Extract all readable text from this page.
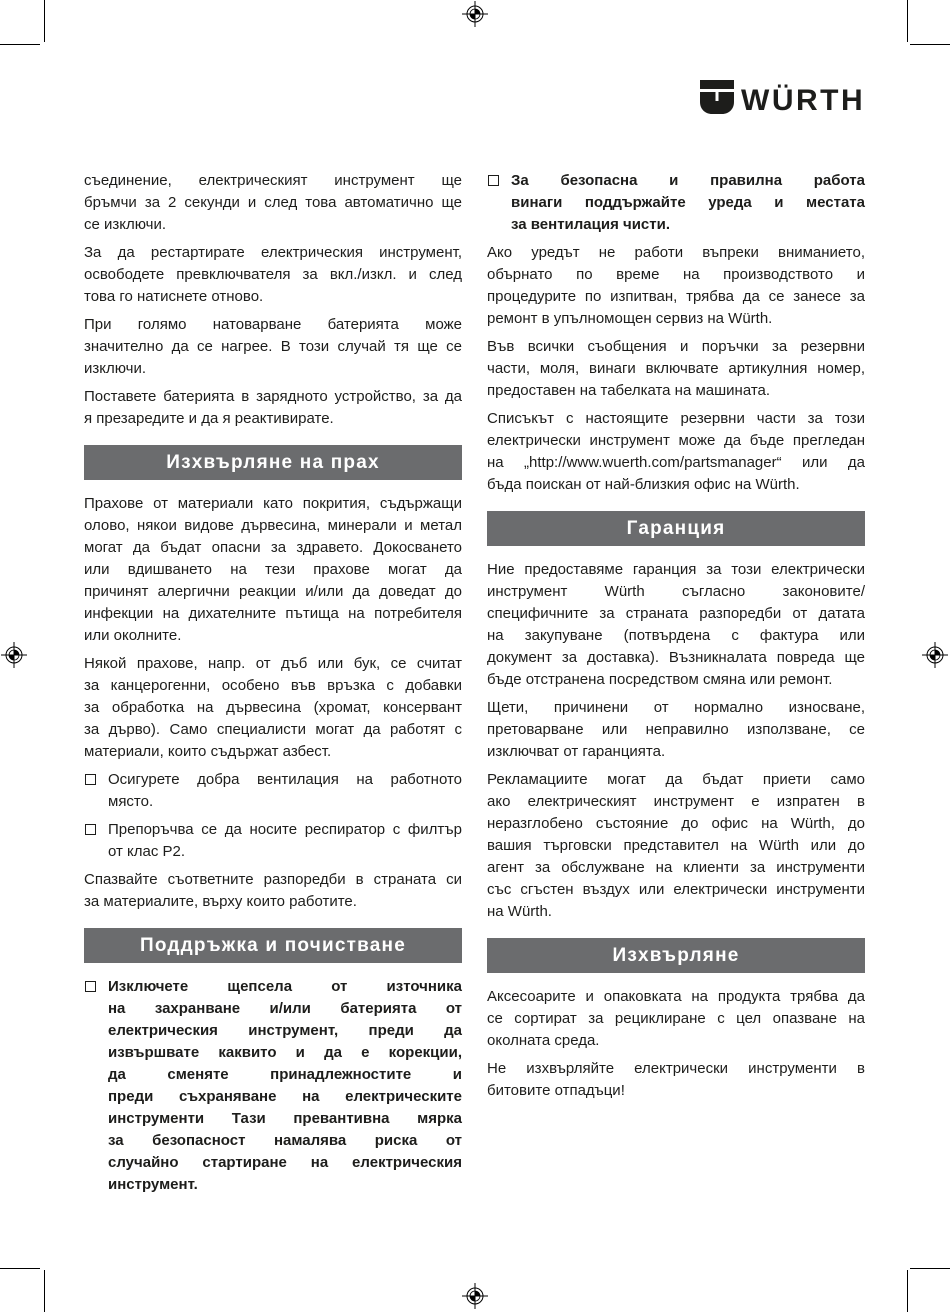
WÜRTH
съединение, електрическият инструмент ще
бръмчи за 2 секунди и след това автоматично ще
се изключи.
За да рестартирате електрическия инструмент,
освободете превключвателя за вкл./изкл. и след
това го натиснете отново.
При голямо натоварване батерията може
значително да се нагрее. В този случай тя ще се
изключи.
Поставете батерията в зарядното устройство, за да
я презаредите и да я реактивирате.
Изхвърляне на прах
Прахове от материали като покрития, съдържащи
олово, някои видове дървесина, минерали и метал
могат да бъдат опасни за здравето. Докосването
или вдишването на тези прахове могат да
причинят алергични реакции и/или да доведат до
инфекции на дихателните пътища на потребителя
или околните.
Някой прахове, напр. от дъб или бук, се считат
за канцерогенни, особено във връзка с добавки
за обработка на дървесина (хромат, консервант
за дърво). Само специалисти могат да работят с
материали, които съдържат азбест.
Осигурете добра вентилация на работното
място.
Препоръчва се да носите респиратор с филтър
от клас P2.
Спазвайте съответните разпоредби в страната си
за материалите, върху които работите.
Поддръжка и почистване
Изключете щепсела от източника
на захранване и/или батерията от
електрическия инструмент, преди да
извършвате каквито и да е корекции,
да сменяте принадлежностите и
преди съхраняване на електрическите
инструменти Тази превантивна мярка
за безопасност намалява риска от
случайно стартиране на електрическия
инструмент.
За безопасна и правилна работа
винаги поддържайте уреда и местата
за вентилация чисти.
Ако уредът не работи въпреки вниманието,
обърнато по време на производството и
процедурите по изпитван, трябва да се занесе за
ремонт в упълномощен сервиз на Würth.
Във всички съобщения и поръчки за резервни
части, моля, винаги включвате артикулния номер,
предоставен на табелката на машината.
Списъкът с настоящите резервни части за този
електрически инструмент може да бъде прегледан
на „http://www.wuerth.com/partsmanager“ или да
бъда поискан от най-близкия офис на Würth.
Гаранция
Ние предоставяме гаранция за този електрически
инструмент Würth съгласно законовите/
специфичните за страната разпоредби от датата
на закупуване (потвърдена с фактура или
документ за доставка). Възникналата повреда ще
бъде отстранена посредством смяна или ремонт.
Щети, причинени от нормално износване,
претоварване или неправилно използване, се
изключват от гаранцията.
Рекламациите могат да бъдат приети само
ако електрическият инструмент е изпратен в
неразглобено състояние до офис на Würth, до
вашия търговски представител на Würth или до
агент за обслужване на клиенти за инструменти
със сгъстен въздух или електрически инструменти
на Würth.
Изхвърляне
Аксесоарите и опаковката на продукта трябва да
се сортират за рециклиране с цел опазване на
околната среда.
Не изхвърляйте електрически инструменти в
битовите отпадъци!
